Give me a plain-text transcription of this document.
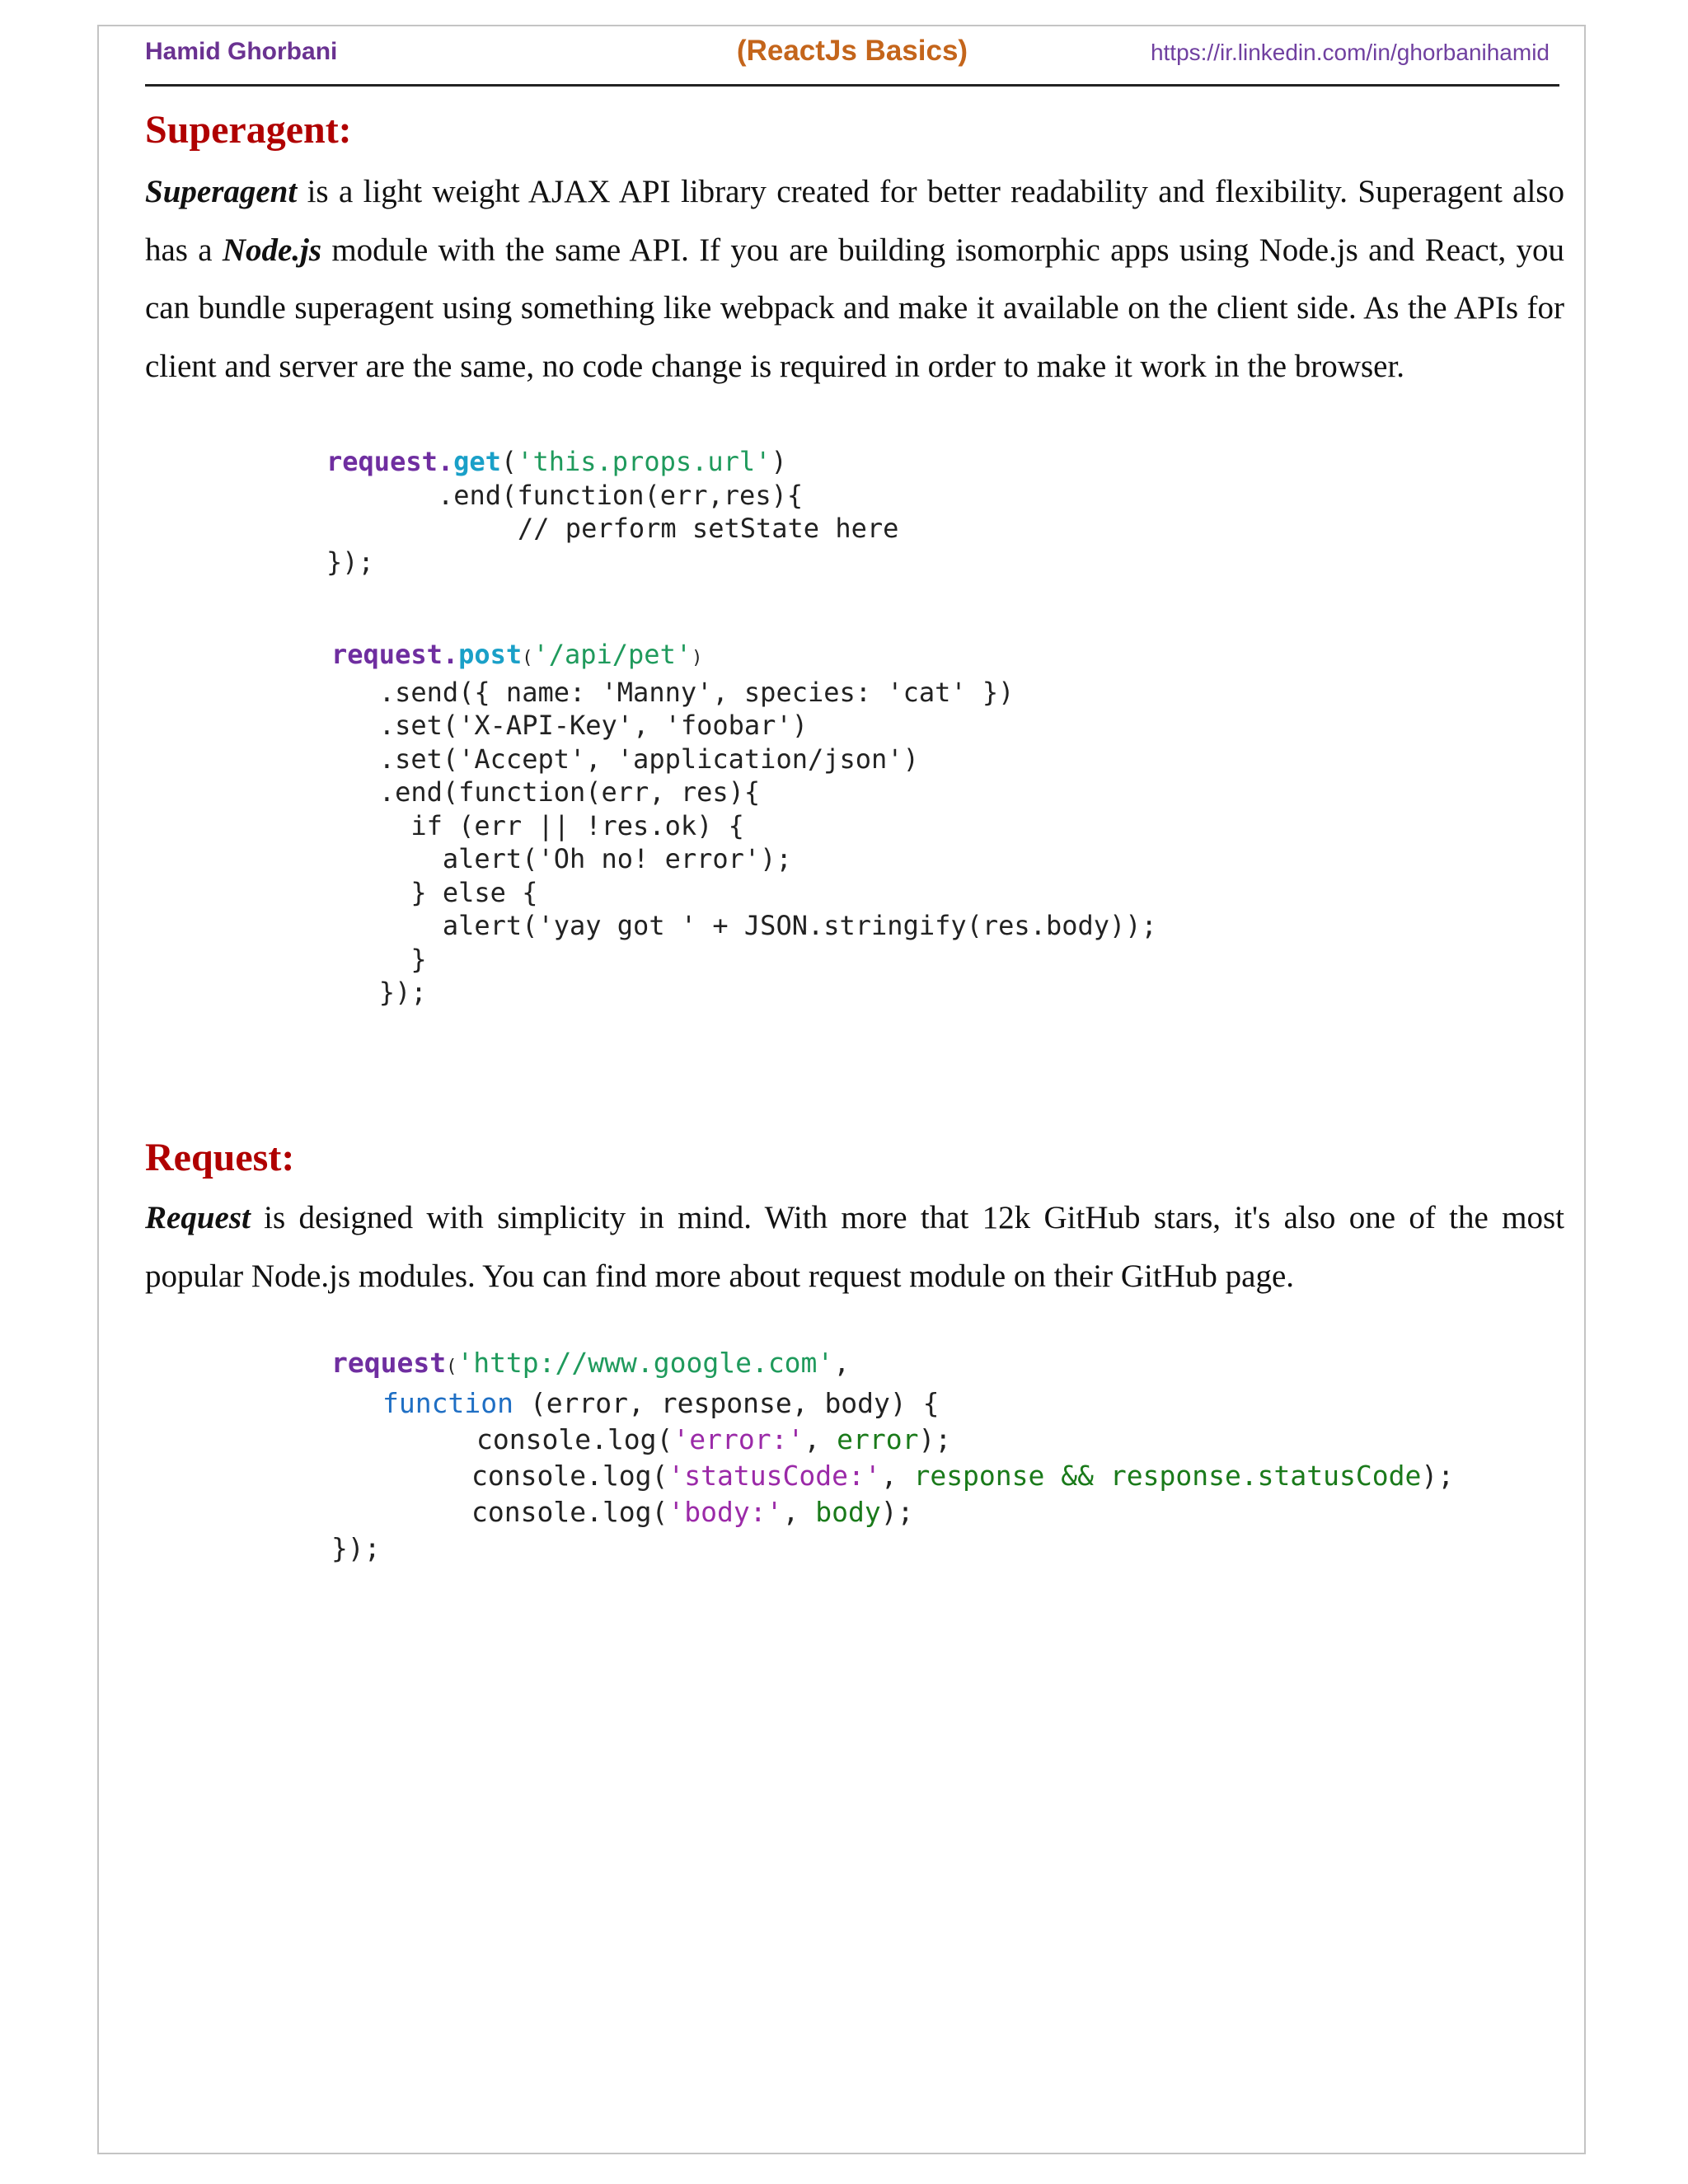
Hamid Ghorbani	(ReactJs Basics)	https://ir.linkedin.com/in/ghorbanihamid
Superagent:
Superagent is a light weight AJAX API library created for better readability and flexibility. Superagent also has a Node.js module with the same API. If you are building isomorphic apps using Node.js and React, you can bundle superagent using something like webpack and make it available on the client side. As the APIs for client and server are the same, no code change is required in order to make it work in the browser.
request.get('this.props.url')
.end(function(err,res){
// perform setState here
});
request.post('/api/pet')
.send({ name: 'Manny', species: 'cat' })
.set('X-API-Key', 'foobar')
.set('Accept', 'application/json')
.end(function(err, res){
if (err || !res.ok) {
alert('Oh no! error');
} else {
alert('yay got ' + JSON.stringify(res.body));
}
});
Request:
Request is designed with simplicity in mind. With more that 12k GitHub stars, it's also one of the most popular Node.js modules. You can find more about request module on their GitHub page.
request('http://www.google.com',
function (error, response, body) {
console.log('error:', error);
console.log('statusCode:', response && response.statusCode);
console.log('body:', body);
});
